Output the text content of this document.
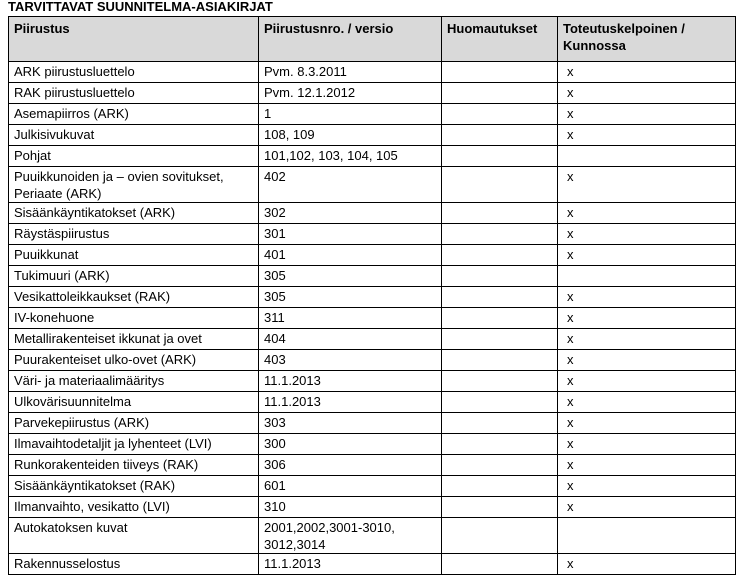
TARVITTAVAT SUUNNITELMA-ASIAKIRJAT
Piirustus	Piirustusnro. / versio	Huomautukset	Toteutuskelpoinen / Kunnossa
ARK piirustusluettelo	Pvm. 8.3.2011		x
RAK piirustusluettelo	Pvm. 12.1.2012		x
Asemapiirros (ARK)	1		x
Julkisivukuvat	108, 109		x
Pohjat	101,102, 103, 104, 105		
Puuikkunoiden ja – ovien sovitukset, Periaate (ARK)	402		x
Sisäänkäyntikatokset (ARK)	302		x
Räystäspiirustus	301		x
Puuikkunat	401		x
Tukimuuri (ARK)	305		
Vesikattoleikkaukset (RAK)	305		x
IV-konehuone	311		x
Metallirakenteiset ikkunat ja ovet	404		x
Puurakenteiset ulko-ovet (ARK)	403		x
Väri- ja materiaalimääritys	11.1.2013		x
Ulkovärisuunnitelma	11.1.2013		x
Parvekepiirustus (ARK)	303		x
Ilmavaihtodetaljit ja lyhenteet (LVI)	300		x
Runkorakenteiden tiiveys (RAK)	306		x
Sisäänkäyntikatokset (RAK)	601		x
Ilmanvaihto, vesikatto (LVI)	310		x
Autokatoksen kuvat	2001,2002,3001-3010, 3012,3014		
Rakennusselostus	11.1.2013		x
